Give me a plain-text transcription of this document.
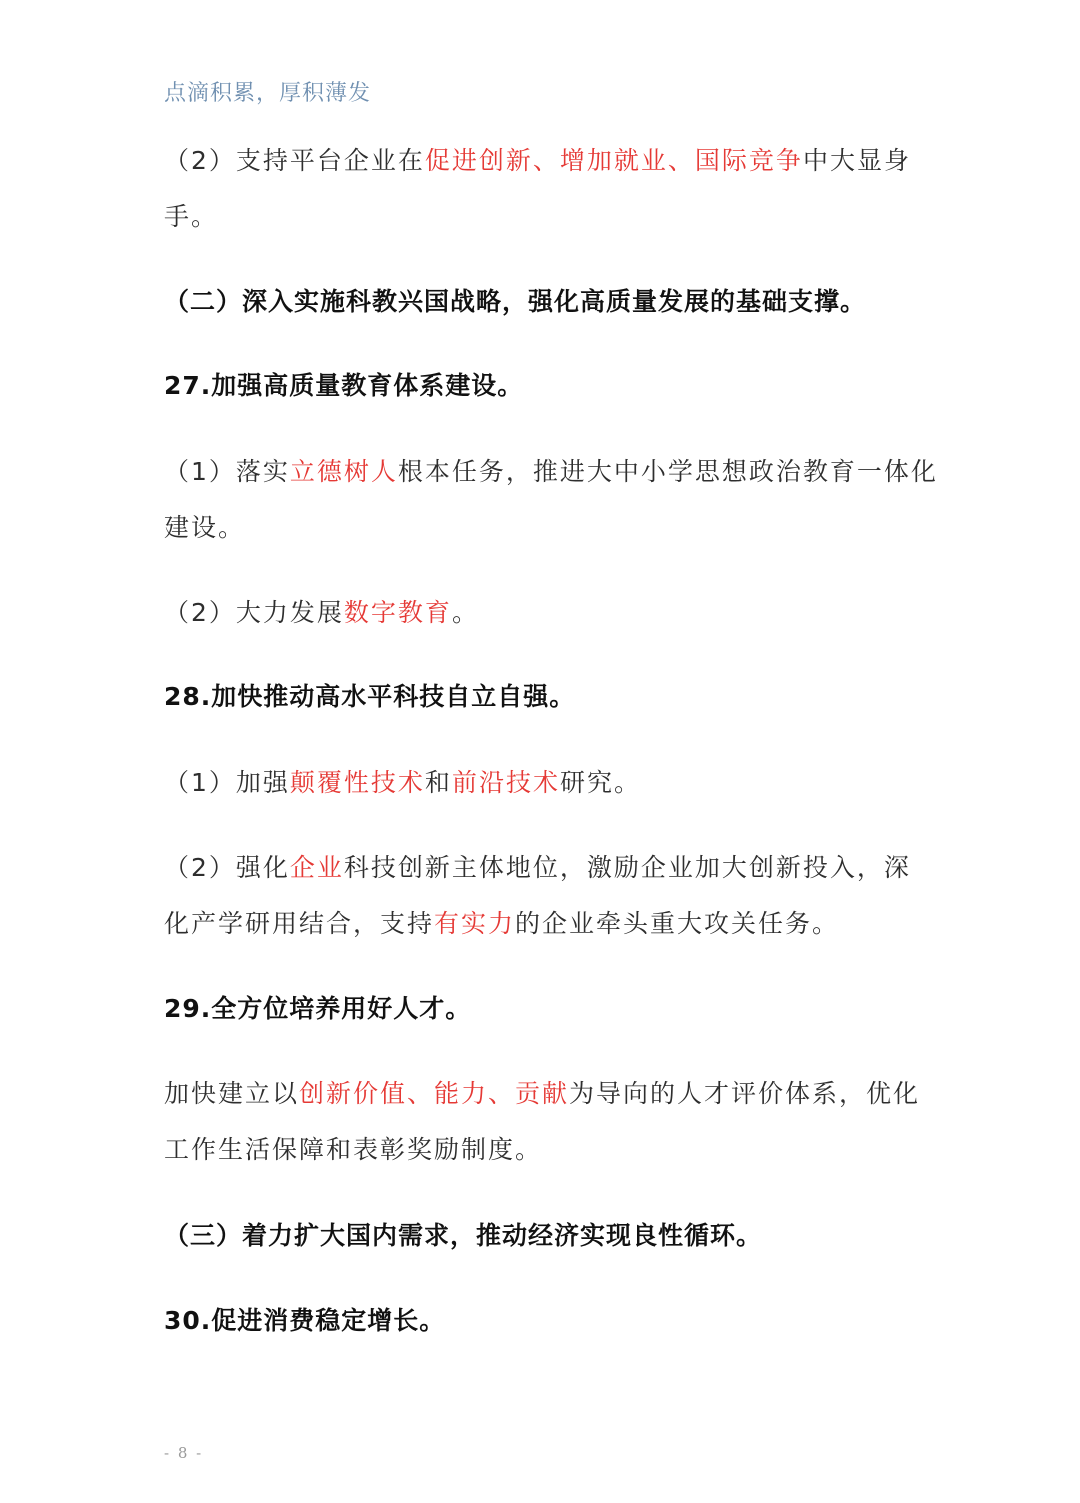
点滴积累，厚积薄发
（2）支持平台企业在促进创新、增加就业、国际竞争中大显身
手。
（二）深入实施科教兴国战略，强化高质量发展的基础支撑。
27.加强高质量教育体系建设。
（1）落实立德树人根本任务，推进大中小学思想政治教育一体化
建设。
（2）大力发展数字教育。
28.加快推动高水平科技自立自强。
（1）加强颠覆性技术和前沿技术研究。
（2）强化企业科技创新主体地位，激励企业加大创新投入，深
化产学研用结合，支持有实力的企业牵头重大攻关任务。
29.全方位培养用好人才。
加快建立以创新价值、能力、贡献为导向的人才评价体系，优化
工作生活保障和表彰奖励制度。
（三）着力扩大国内需求，推动经济实现良性循环。
30.促进消费稳定增长。
- 8 -
